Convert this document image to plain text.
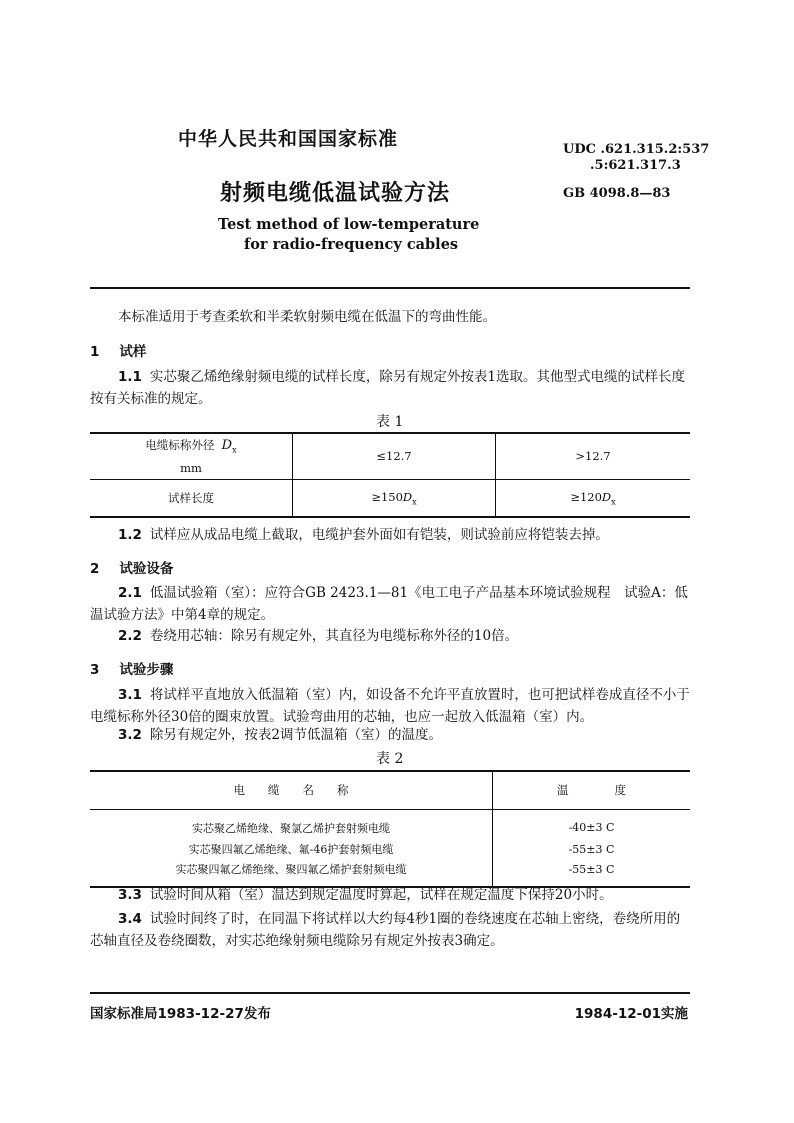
中华人民共和国国家标准	UDC .621.315.2:537
.5:621.317.3
射频电缆低温试验方法	GB 4098.8—83
Test method of low-temperature
for radio-frequency cables
本标准适用于考查柔软和半柔软射频电缆在低温下的弯曲性能。
1 试样
1.1 实芯聚乙烯绝缘射频电缆的试样长度，除另有规定外按表1选取。其他型式电缆的试样长度按有关标准的规定。
表 1
电缆标称外径 $D_x$
mm	≤12.7	>12.7
试样长度	$\ge 150D_x$	$\ge 120D_x$
1.2 试样应从成品电缆上截取，电缆护套外面如有铠装，则试验前应将铠装去掉。
2 试验设备
2.1 低温试验箱（室）：应符合GB 2423.1—81《电工电子产品基本环境试验规程　试验A：低温试验方法》中第4章的规定。
2.2 卷绕用芯轴：除另有规定外，其直径为电缆标称外径的10倍。
3 试验步骤
3.1 将试样平直地放入低温箱（室）内，如设备不允许平直放置时，也可把试样卷成直径不小于电缆标称外径30倍的圈束放置。试验弯曲用的芯轴，也应一起放入低温箱（室）内。
3.2 除另有规定外，按表2调节低温箱（室）的温度。
表 2
电　　缆　　名　　称	温　　　　度
实芯聚乙烯绝缘、聚氯乙烯护套射频电缆	-40±3 C
实芯聚四氟乙烯绝缘、氟-46护套射频电缆	-55±3 C
实芯聚四氟乙烯绝缘、聚四氟乙烯护套射频电缆	-55±3 C
3.3 试验时间从箱（室）温达到规定温度时算起，试样在规定温度下保持20小时。
3.4 试验时间终了时，在同温下将试样以大约每4秒1圈的卷绕速度在芯轴上密绕，卷绕所用的芯轴直径及卷绕圈数，对实芯绝缘射频电缆除另有规定外按表3确定。
国家标准局1983-12-27发布	1984-12-01实施
